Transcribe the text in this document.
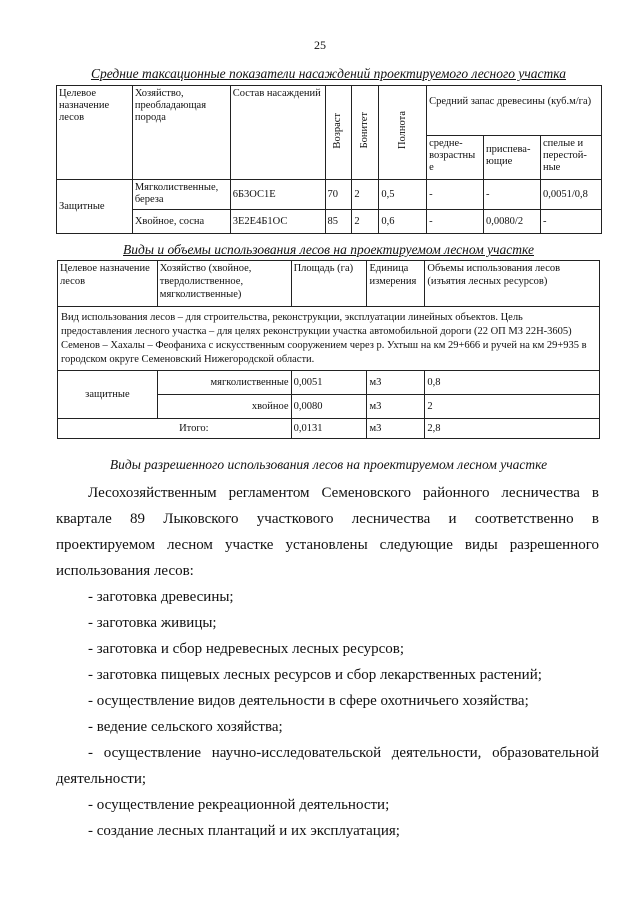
25
Средние таксационные показатели насаждений проектируемого лесного участка
Целевое назначение лесов	Хозяйство, преобладающая порода	Состав насаждений	Возраст	Бонитет	Полнота	Средний запас древесины (куб.м/га)		
						средне-возрастны е	приспева-ющие	спелые и перестой-ные
Защитные	Мягколиственные, береза	6Б3ОС1Е	70	2	0,5	-	-	0,0051/0,8
	Хвойное, сосна	3Е2Е4Б1ОС	85	2	0,6	-	0,0080/2	-
Виды и объемы использования лесов на проектируемом лесном участке
Целевое назначение лесов	Хозяйство (хвойное, твердолиственное, мягколиственные)	Площадь (га)	Единица измерения	Объемы использования лесов (изъятия лесных ресурсов)
Вид использования лесов – для строительства, реконструкции, эксплуатации линейных объектов. Цель предоставления лесного участка – для целях реконструкции участка автомобильной дороги (22 ОП МЗ 22Н-3605) Семенов – Хахалы – Феофаниха с искусственным сооружением через р. Ухтыш на км 29+666 и ручей на км 29+935 в городском округе Семеновский Нижегородской области.				
защитные	мягколиственные	0,0051	м3	0,8
	хвойное	0,0080	м3	2
Итого:		0,0131	м3	2,8
Виды разрешенного использования лесов на проектируемом лесном участке
Лесохозяйственным регламентом Семеновского районного лесничества в квартале 89 Лыковского участкового лесничества и соответственно в проектируемом лесном участке установлены следующие виды разрешенного использования лесов:
- заготовка древесины;
- заготовка живицы;
- заготовка и сбор недревесных лесных ресурсов;
- заготовка пищевых лесных ресурсов и сбор лекарственных растений;
- осуществление видов деятельности в сфере охотничьего хозяйства;
- ведение сельского хозяйства;
- осуществление научно-исследовательской деятельности, образовательной деятельности;
- осуществление рекреационной деятельности;
- создание лесных плантаций и их эксплуатация;
